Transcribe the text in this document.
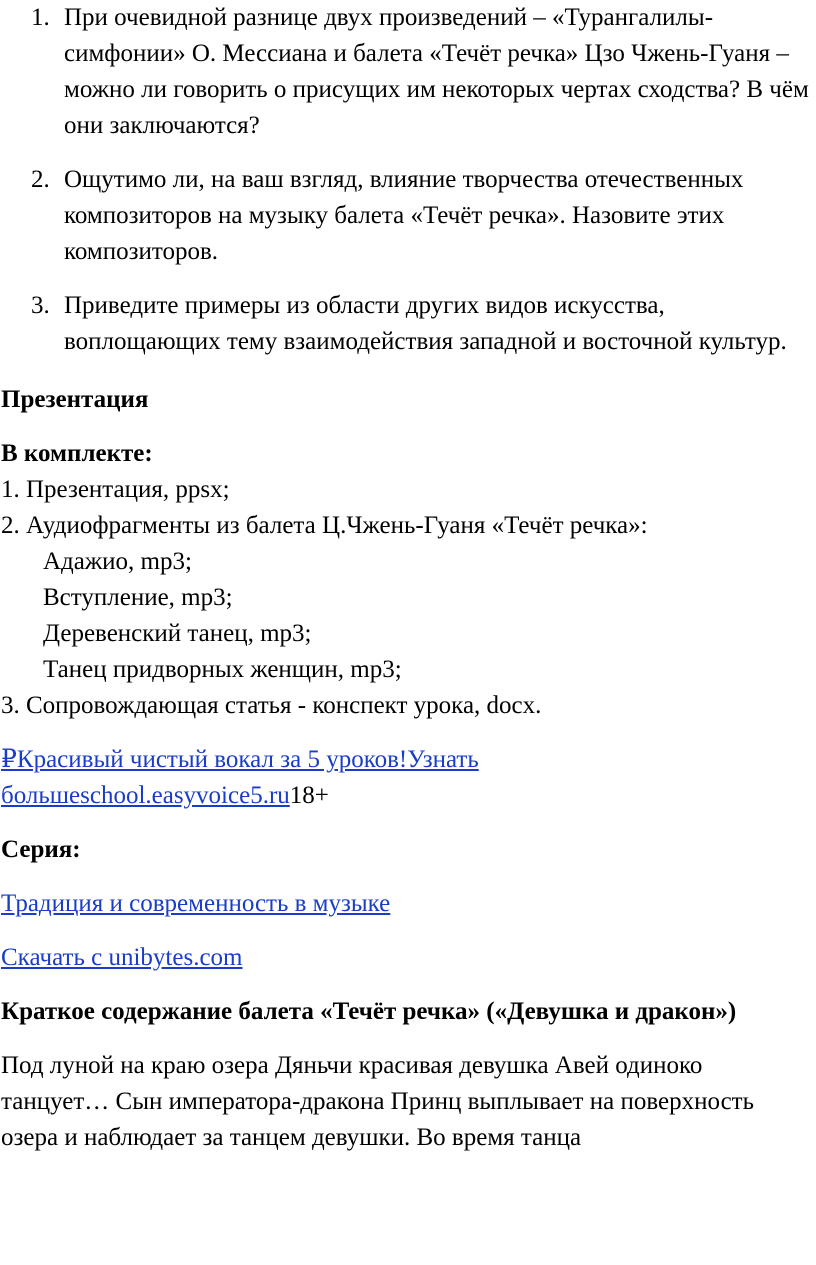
1. При очевидной разнице двух произведений – «Турангалилы-симфонии» О. Мессиана и балета «Течёт речка» Цзо Чжень-Гуаня – можно ли говорить о присущих им некоторых чертах сходства? В чём они заключаются?
2. Ощутимо ли, на ваш взгляд, влияние творчества отечественных композиторов на музыку балета «Течёт речка». Назовите этих композиторов.
3. Приведите примеры из области других видов искусства, воплощающих тему взаимодействия западной и восточной культур.

Презентация

В комплекте:

1. Презентация, ppsx;

2. Аудиофрагменты из балета Ц.Чжень-Гуаня «Течёт речка»:

Адажио, mp3;

Вступление, mp3;

Деревенский танец, mp3;

Танец придворных женщин, mp3;

3. Сопровождающая статья - конспект урока, docx.

₽Красивый чистый вокал за 5 уроков!Узнать
большеschool.easyvoice5.ru18+

Серия:

Традиция и современность в музыке

Скачать с unibytes.com

Краткое содержание балета «Течёт речка» («Девушка и дракон»)

Под луной на краю озера Дяньчи красивая девушка Авей одиноко танцует… Сын императора-дракона Принц выплывает на поверхность озера и наблюдает за танцем девушки. Во время танца
